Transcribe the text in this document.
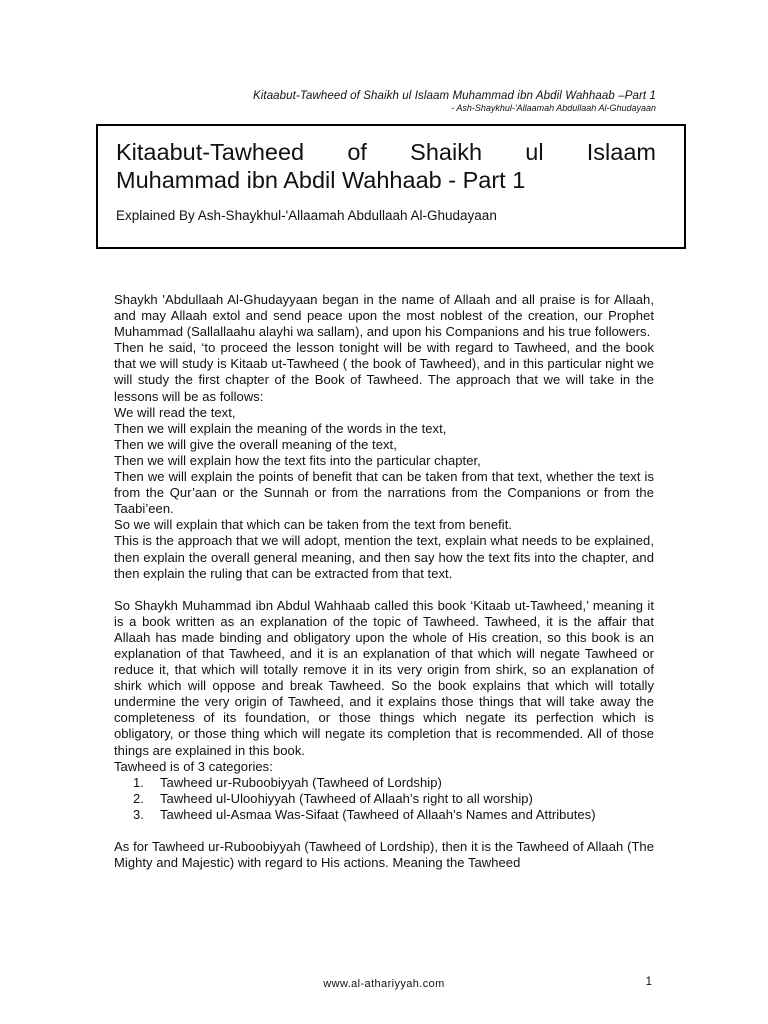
Kitaabut-Tawheed of Shaikh ul Islaam Muhammad ibn Abdil Wahhaab –Part 1
- Ash-Shaykhul-'Allaamah Abdullaah Al-Ghudayaan
Kitaabut-Tawheed of Shaikh ul Islaam
Muhammad ibn Abdil Wahhaab - Part 1
Explained By Ash-Shaykhul-'Allaamah Abdullaah Al-Ghudayaan

Shaykh 'Abdullaah Al-Ghudayyaan began in the name of Allaah and all praise is for Allaah, and may Allaah extol and send peace upon the most noblest of the creation, our Prophet Muhammad (Sallallaahu alayhi wa sallam), and upon his Companions and his true followers.

Then he said, ‘to proceed the lesson tonight will be with regard to Tawheed, and the book that we will study is Kitaab ut-Tawheed ( the book of Tawheed), and in this particular night we will study the first chapter of the Book of Tawheed. The approach that we will take in the lessons will be as follows:

We will read the text,

Then we will explain the meaning of the words in the text,

Then we will give the overall meaning of the text,

Then we will explain how the text fits into the particular chapter,

Then we will explain the points of benefit that can be taken from that text, whether the text is from the Qur’aan or the Sunnah or from the narrations from the Companions or from the Taabi’een.

So we will explain that which can be taken from the text from benefit.

This is the approach that we will adopt, mention the text, explain what needs to be explained, then explain the overall general meaning, and then say how the text fits into the chapter, and then explain the ruling that can be extracted from that text.

So Shaykh Muhammad ibn Abdul Wahhaab called this book ‘Kitaab ut-Tawheed,’ meaning it is a book written as an explanation of the topic of Tawheed. Tawheed, it is the affair that Allaah has made binding and obligatory upon the whole of His creation, so this book is an explanation of that Tawheed, and it is an explanation of that which will negate Tawheed or reduce it, that which will totally remove it in its very origin from shirk, so an explanation of shirk which will oppose and break Tawheed. So the book explains that which will totally undermine the very origin of Tawheed, and it explains those things that will take away the completeness of its foundation, or those things which negate its perfection which is obligatory, or those thing which will negate its completion that is recommended. All of those things are explained in this book.

Tawheed is of 3 categories:

1. Tawheed ur-Ruboobiyyah (Tawheed of Lordship)
2. Tawheed ul-Uloohiyyah (Tawheed of Allaah’s right to all worship)
3. Tawheed ul-Asmaa Was-Sifaat (Tawheed of Allaah’s Names and Attributes)

As for Tawheed ur-Ruboobiyyah (Tawheed of Lordship), then it is the Tawheed of Allaah (The Mighty and Majestic) with regard to His actions. Meaning the Tawheed

www.al-athariyyah.com	1
